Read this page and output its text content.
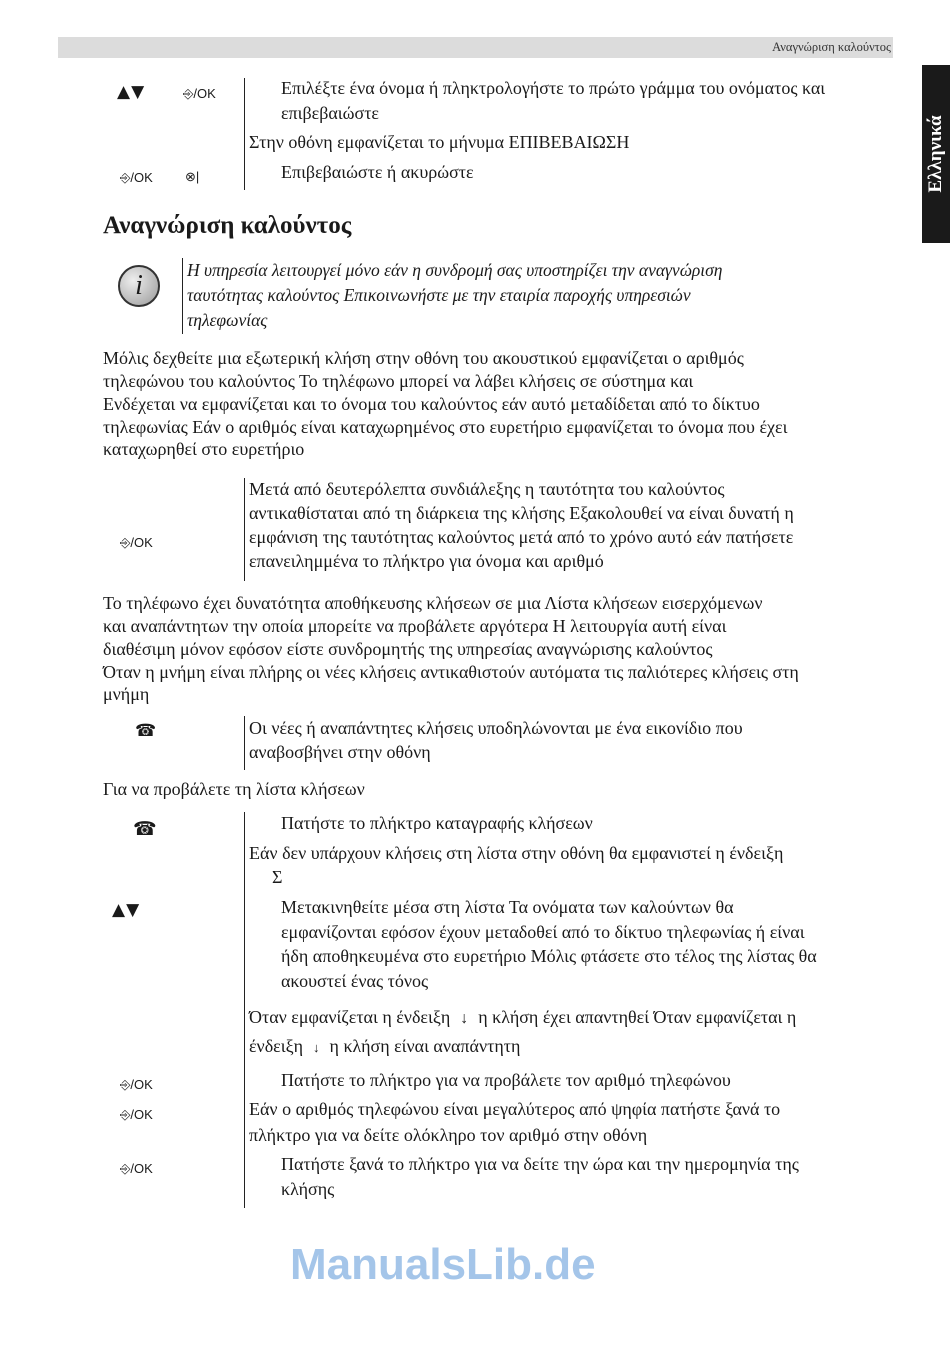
Αναγνώριση καλούντος
Ελληνικά
▲▼	⎆/OK
⎆/OK ⊗|
⎆/OK
☎
☎
▲▼
⎆/OK
⎆/OK
⎆/OK
Επιλέξτε ένα όνομα ή πληκτρολογήστε το πρώτο γράμμα του ονόματος και
επιβεβαιώστε
Στην οθόνη εμφανίζεται το μήνυμα ΕΠΙΒΕΒΑΙΩΣΗ
Επιβεβαιώστε ή ακυρώστε
Αναγνώριση καλούντος
i	Η υπηρεσία λειτουργεί μόνο εάν η συνδρομή σας υποστηρίζει την αναγνώριση
ταυτότητας καλούντος Επικοινωνήστε με την εταιρία παροχής υπηρεσιών
τηλεφωνίας
Μόλις δεχθείτε μια εξωτερική κλήση στην οθόνη του ακουστικού εμφανίζεται ο αριθμός
τηλεφώνου του καλούντος Το τηλέφωνο μπορεί να λάβει κλήσεις σε σύστημα και
Ενδέχεται να εμφανίζεται και το όνομα του καλούντος εάν αυτό μεταδίδεται από το δίκτυο
τηλεφωνίας Εάν ο αριθμός είναι καταχωρημένος στο ευρετήριο εμφανίζεται το όνομα που έχει
καταχωρηθεί στο ευρετήριο
Μετά από δευτερόλεπτα συνδιάλεξης η ταυτότητα του καλούντος
αντικαθίσταται από τη διάρκεια της κλήσης Εξακολουθεί να είναι δυνατή η
εμφάνιση της ταυτότητας καλούντος μετά από το χρόνο αυτό εάν πατήσετε
επανειλημμένα το πλήκτρο για όνομα και αριθμό
Το τηλέφωνο έχει δυνατότητα αποθήκευσης κλήσεων σε μια Λίστα κλήσεων εισερχόμενων
και αναπάντητων την οποία μπορείτε να προβάλετε αργότερα Η λειτουργία αυτή είναι
διαθέσιμη μόνον εφόσον είστε συνδρομητής της υπηρεσίας αναγνώρισης καλούντος
Όταν η μνήμη είναι πλήρης οι νέες κλήσεις αντικαθιστούν αυτόματα τις παλιότερες κλήσεις στη
μνήμη
Οι νέες ή αναπάντητες κλήσεις υποδηλώνονται με ένα εικονίδιο που
αναβοσβήνει στην οθόνη
Για να προβάλετε τη λίστα κλήσεων
Πατήστε το πλήκτρο καταγραφής κλήσεων
Εάν δεν υπάρχουν κλήσεις στη λίστα στην οθόνη θα εμφανιστεί η ένδειξη
Σ
Μετακινηθείτε μέσα στη λίστα Τα ονόματα των καλούντων θα
εμφανίζονται εφόσον έχουν μεταδοθεί από το δίκτυο τηλεφωνίας ή είναι
ήδη αποθηκευμένα στο ευρετήριο Μόλις φτάσετε στο τέλος της λίστας θα
ακουστεί ένας τόνος
Όταν εμφανίζεται η ένδειξη ↓ η κλήση έχει απαντηθεί Όταν εμφανίζεται η
ένδειξη ↓ η κλήση είναι αναπάντητη
Πατήστε το πλήκτρο για να προβάλετε τον αριθμό τηλεφώνου
Εάν ο αριθμός τηλεφώνου είναι μεγαλύτερος από ψηφία πατήστε ξανά το
πλήκτρο για να δείτε ολόκληρο τον αριθμό στην οθόνη
Πατήστε ξανά το πλήκτρο για να δείτε την ώρα και την ημερομηνία της
κλήσης
ManualsLib.de
